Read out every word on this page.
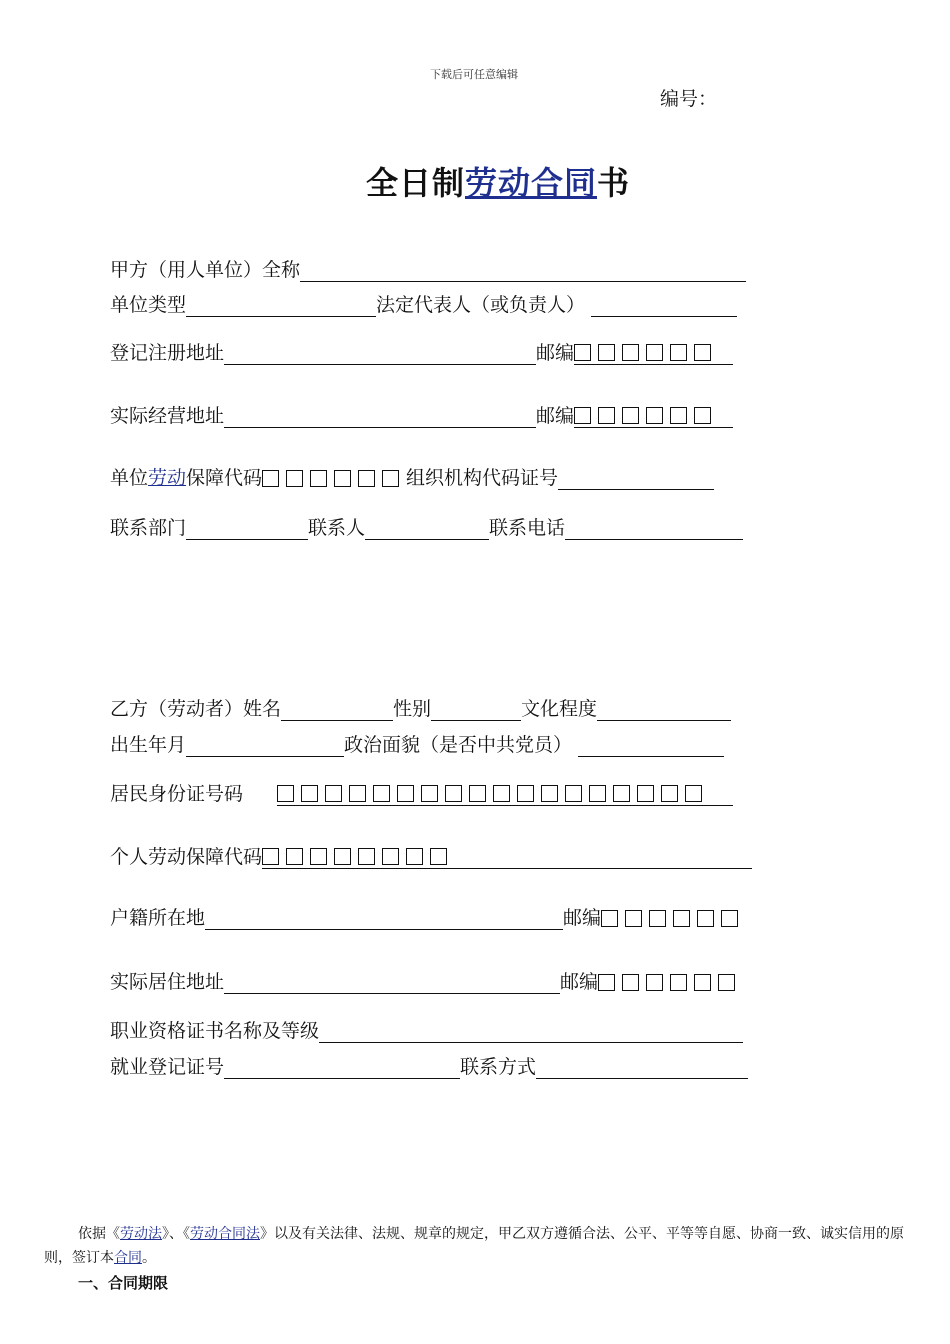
下载后可任意编辑
编号：
全日制劳动合同书
甲方（用人单位）全称
单位类型	法定代表人（或负责人）
登记注册地址	邮编
实际经营地址	邮编
单位 劳动 保障代码	组织机构代码证号
联系部门	联系人	联系电话
乙方（劳动者）姓名	性别	文化程度
出生年月	政治面貌（是否中共党员）
居民身份证号码
个人劳动保障代码
户籍所在地	邮编
实际居住地址	邮编
职业资格证书名称及等级
就业登记证号	联系方式
依据《劳动法》、《劳动合同法》以及有关法律、法规、规章的规定，甲乙双方遵循合法、公平、平等等自愿、协商一致、诚实信用的原则，签订本合同。
一、合同期限
